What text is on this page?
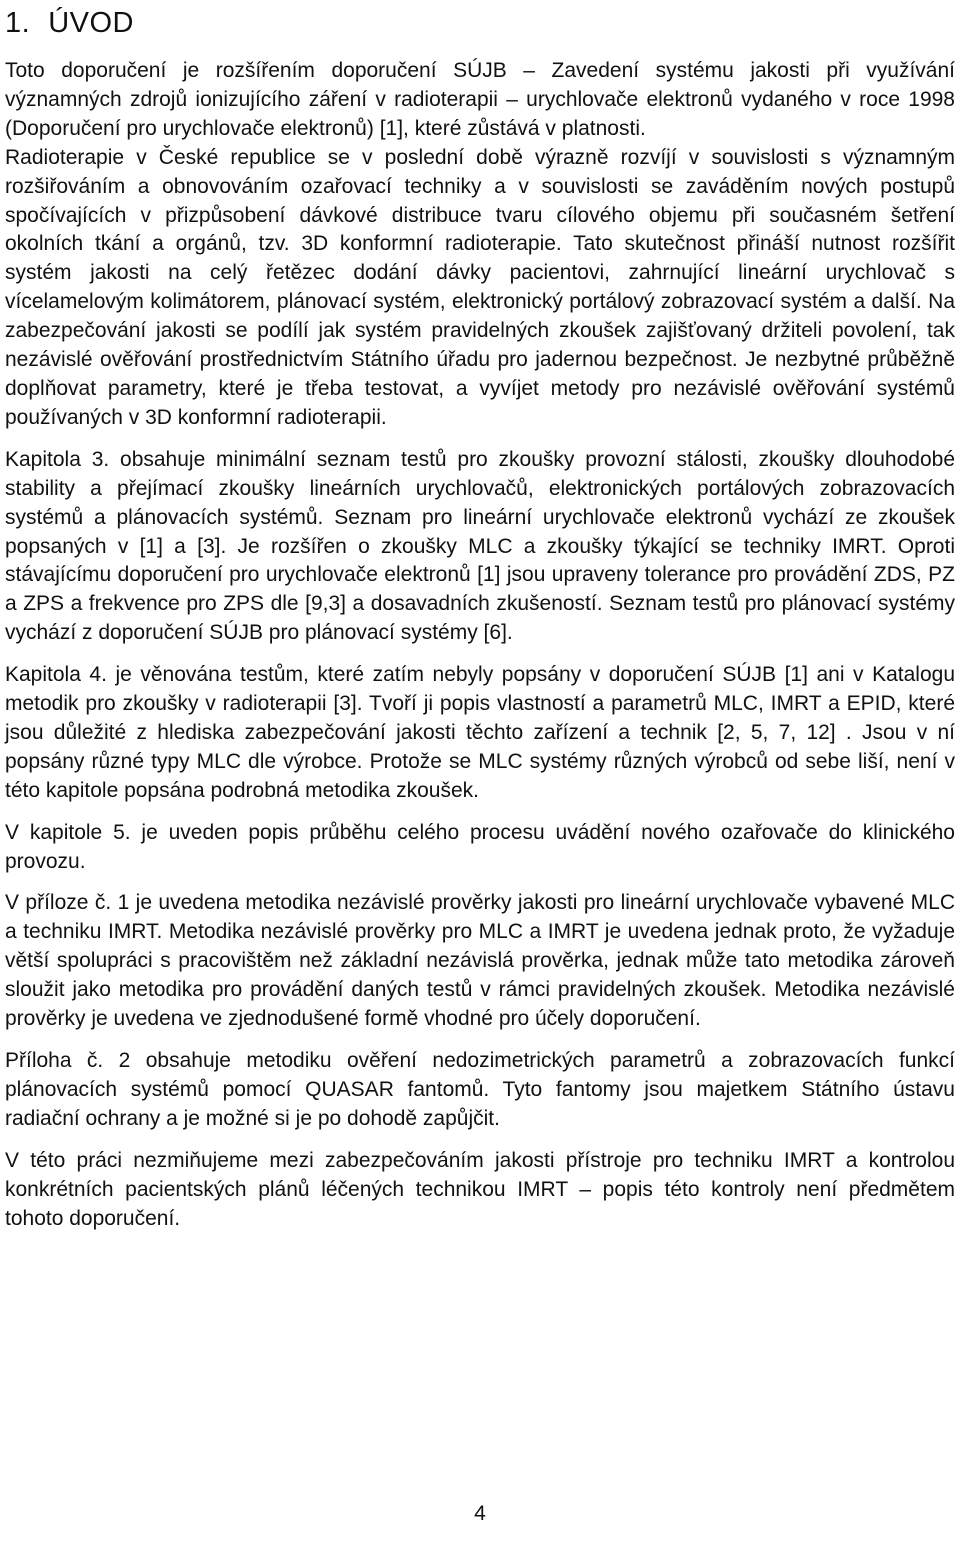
1. ÚVOD

Toto doporučení je rozšířením doporučení SÚJB – Zavedení systému jakosti při využívání významných zdrojů ionizujícího záření v radioterapii – urychlovače elektronů vydaného v roce 1998 (Doporučení pro urychlovače elektronů) [1], které zůstává v platnosti.

Radioterapie v České republice se v poslední době výrazně rozvíjí v souvislosti s významným rozšiřováním a obnovováním ozařovací techniky a v souvislosti se zaváděním nových postupů spočívajících v přizpůsobení dávkové distribuce tvaru cílového objemu při současném šetření okolních tkání a orgánů, tzv. 3D konformní radioterapie. Tato skutečnost přináší nutnost rozšířit systém jakosti na celý řetězec dodání dávky pacientovi, zahrnující lineární urychlovač s vícelamelovým kolimátorem, plánovací systém, elektronický portálový zobrazovací systém a další. Na zabezpečování jakosti se podílí jak systém pravidelných zkoušek zajišťovaný držiteli povolení, tak nezávislé ověřování prostřednictvím Státního úřadu pro jadernou bezpečnost. Je nezbytné průběžně doplňovat parametry, které je třeba testovat, a vyvíjet metody pro nezávislé ověřování systémů používaných v 3D konformní radioterapii.

Kapitola 3. obsahuje minimální seznam testů pro zkoušky provozní stálosti, zkoušky dlouhodobé stability a přejímací zkoušky lineárních urychlovačů, elektronických portálových zobrazovacích systémů a plánovacích systémů. Seznam pro lineární urychlovače elektronů vychází ze zkoušek popsaných v [1] a [3]. Je rozšířen o zkoušky MLC a zkoušky týkající se techniky IMRT. Oproti stávajícímu doporučení pro urychlovače elektronů [1] jsou upraveny tolerance pro provádění ZDS, PZ a ZPS a frekvence pro ZPS dle [9,3] a dosavadních zkušeností. Seznam testů pro plánovací systémy vychází z doporučení SÚJB pro plánovací systémy [6].

Kapitola 4. je věnována testům, které zatím nebyly popsány v doporučení SÚJB [1] ani v Katalogu metodik pro zkoušky v radioterapii [3]. Tvoří ji popis vlastností a parametrů MLC, IMRT a EPID, které jsou důležité z hlediska zabezpečování jakosti těchto zařízení a technik [2, 5, 7, 12] . Jsou v ní popsány různé typy MLC dle výrobce. Protože se MLC systémy různých výrobců od sebe liší, není v této kapitole popsána podrobná metodika zkoušek.

V kapitole 5. je uveden popis průběhu celého procesu uvádění nového ozařovače do klinického provozu.

V příloze č. 1 je uvedena metodika nezávislé prověrky jakosti pro lineární urychlovače vybavené MLC a techniku IMRT. Metodika nezávislé prověrky pro MLC a IMRT je uvedena jednak proto, že vyžaduje větší spolupráci s pracovištěm než základní nezávislá prověrka, jednak může tato metodika zároveň sloužit jako metodika pro provádění daných testů v rámci pravidelných zkoušek. Metodika nezávislé prověrky je uvedena ve zjednodušené formě vhodné pro účely doporučení.

Příloha č. 2 obsahuje metodiku ověření nedozimetrických parametrů a zobrazovacích funkcí plánovacích systémů pomocí QUASAR fantomů. Tyto fantomy jsou majetkem Státního ústavu radiační ochrany a je možné si je po dohodě zapůjčit.

V této práci nezmiňujeme mezi zabezpečováním jakosti přístroje pro techniku IMRT a kontrolou konkrétních pacientských plánů léčených technikou IMRT – popis této kontroly není předmětem tohoto doporučení.

4
